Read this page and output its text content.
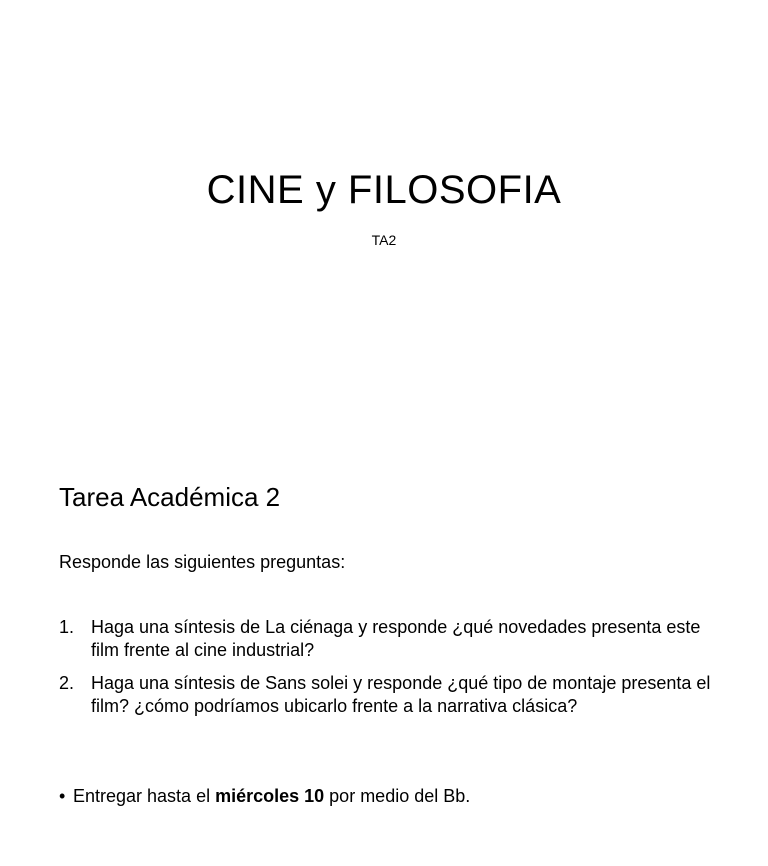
CINE y FILOSOFIA
TA2
Tarea Académica 2
Responde las siguientes preguntas:
1. Haga una síntesis de La ciénaga y responde ¿qué novedades presenta este film frente al cine industrial?
2. Haga una síntesis de Sans solei y responde ¿qué tipo de montaje presenta el film? ¿cómo podríamos ubicarlo frente a la narrativa clásica?
• Entregar hasta el miércoles 10 por medio del Bb.
